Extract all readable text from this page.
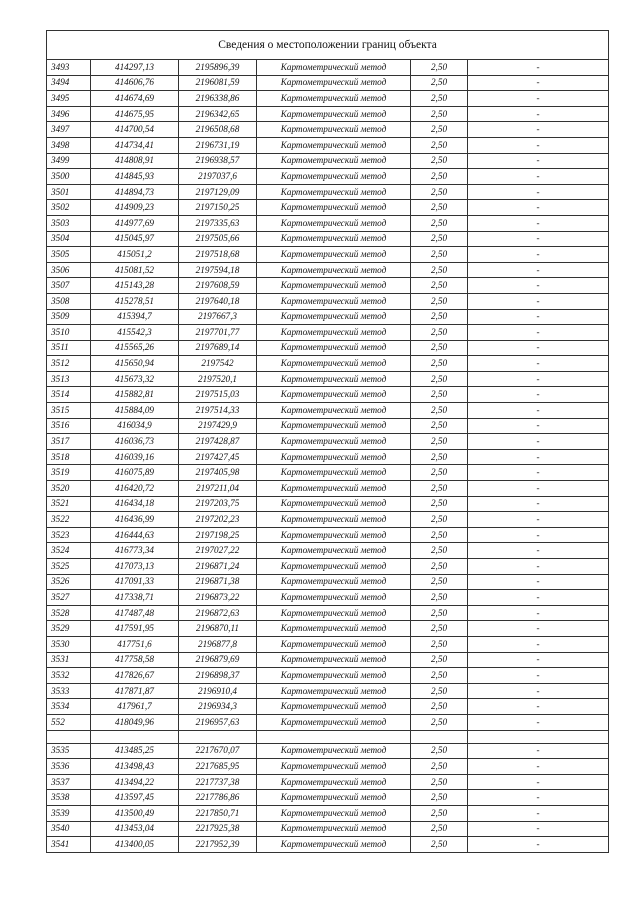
Сведения о местоположении границ объекта					
3493	414297,13	2195896,39	Картометрический метод	2,50	-
3494	414606,76	2196081,59	Картометрический метод	2,50	-
3495	414674,69	2196338,86	Картометрический метод	2,50	-
3496	414675,95	2196342,65	Картометрический метод	2,50	-
3497	414700,54	2196508,68	Картометрический метод	2,50	-
3498	414734,41	2196731,19	Картометрический метод	2,50	-
3499	414808,91	2196938,57	Картометрический метод	2,50	-
3500	414845,93	2197037,6	Картометрический метод	2,50	-
3501	414894,73	2197129,09	Картометрический метод	2,50	-
3502	414909,23	2197150,25	Картометрический метод	2,50	-
3503	414977,69	2197335,63	Картометрический метод	2,50	-
3504	415045,97	2197505,66	Картометрический метод	2,50	-
3505	415051,2	2197518,68	Картометрический метод	2,50	-
3506	415081,52	2197594,18	Картометрический метод	2,50	-
3507	415143,28	2197608,59	Картометрический метод	2,50	-
3508	415278,51	2197640,18	Картометрический метод	2,50	-
3509	415394,7	2197667,3	Картометрический метод	2,50	-
3510	415542,3	2197701,77	Картометрический метод	2,50	-
3511	415565,26	2197689,14	Картометрический метод	2,50	-
3512	415650,94	2197542	Картометрический метод	2,50	-
3513	415673,32	2197520,1	Картометрический метод	2,50	-
3514	415882,81	2197515,03	Картометрический метод	2,50	-
3515	415884,09	2197514,33	Картометрический метод	2,50	-
3516	416034,9	2197429,9	Картометрический метод	2,50	-
3517	416036,73	2197428,87	Картометрический метод	2,50	-
3518	416039,16	2197427,45	Картометрический метод	2,50	-
3519	416075,89	2197405,98	Картометрический метод	2,50	-
3520	416420,72	2197211,04	Картометрический метод	2,50	-
3521	416434,18	2197203,75	Картометрический метод	2,50	-
3522	416436,99	2197202,23	Картометрический метод	2,50	-
3523	416444,63	2197198,25	Картометрический метод	2,50	-
3524	416773,34	2197027,22	Картометрический метод	2,50	-
3525	417073,13	2196871,24	Картометрический метод	2,50	-
3526	417091,33	2196871,38	Картометрический метод	2,50	-
3527	417338,71	2196873,22	Картометрический метод	2,50	-
3528	417487,48	2196872,63	Картометрический метод	2,50	-
3529	417591,95	2196870,11	Картометрический метод	2,50	-
3530	417751,6	2196877,8	Картометрический метод	2,50	-
3531	417758,58	2196879,69	Картометрический метод	2,50	-
3532	417826,67	2196898,37	Картометрический метод	2,50	-
3533	417871,87	2196910,4	Картометрический метод	2,50	-
3534	417961,7	2196934,3	Картометрический метод	2,50	-
552	418049,96	2196957,63	Картометрический метод	2,50	-

3535	413485,25	2217670,07	Картометрический метод	2,50	-
3536	413498,43	2217685,95	Картометрический метод	2,50	-
3537	413494,22	2217737,38	Картометрический метод	2,50	-
3538	413597,45	2217786,86	Картометрический метод	2,50	-
3539	413500,49	2217850,71	Картометрический метод	2,50	-
3540	413453,04	2217925,38	Картометрический метод	2,50	-
3541	413400,05	2217952,39	Картометрический метод	2,50	-
